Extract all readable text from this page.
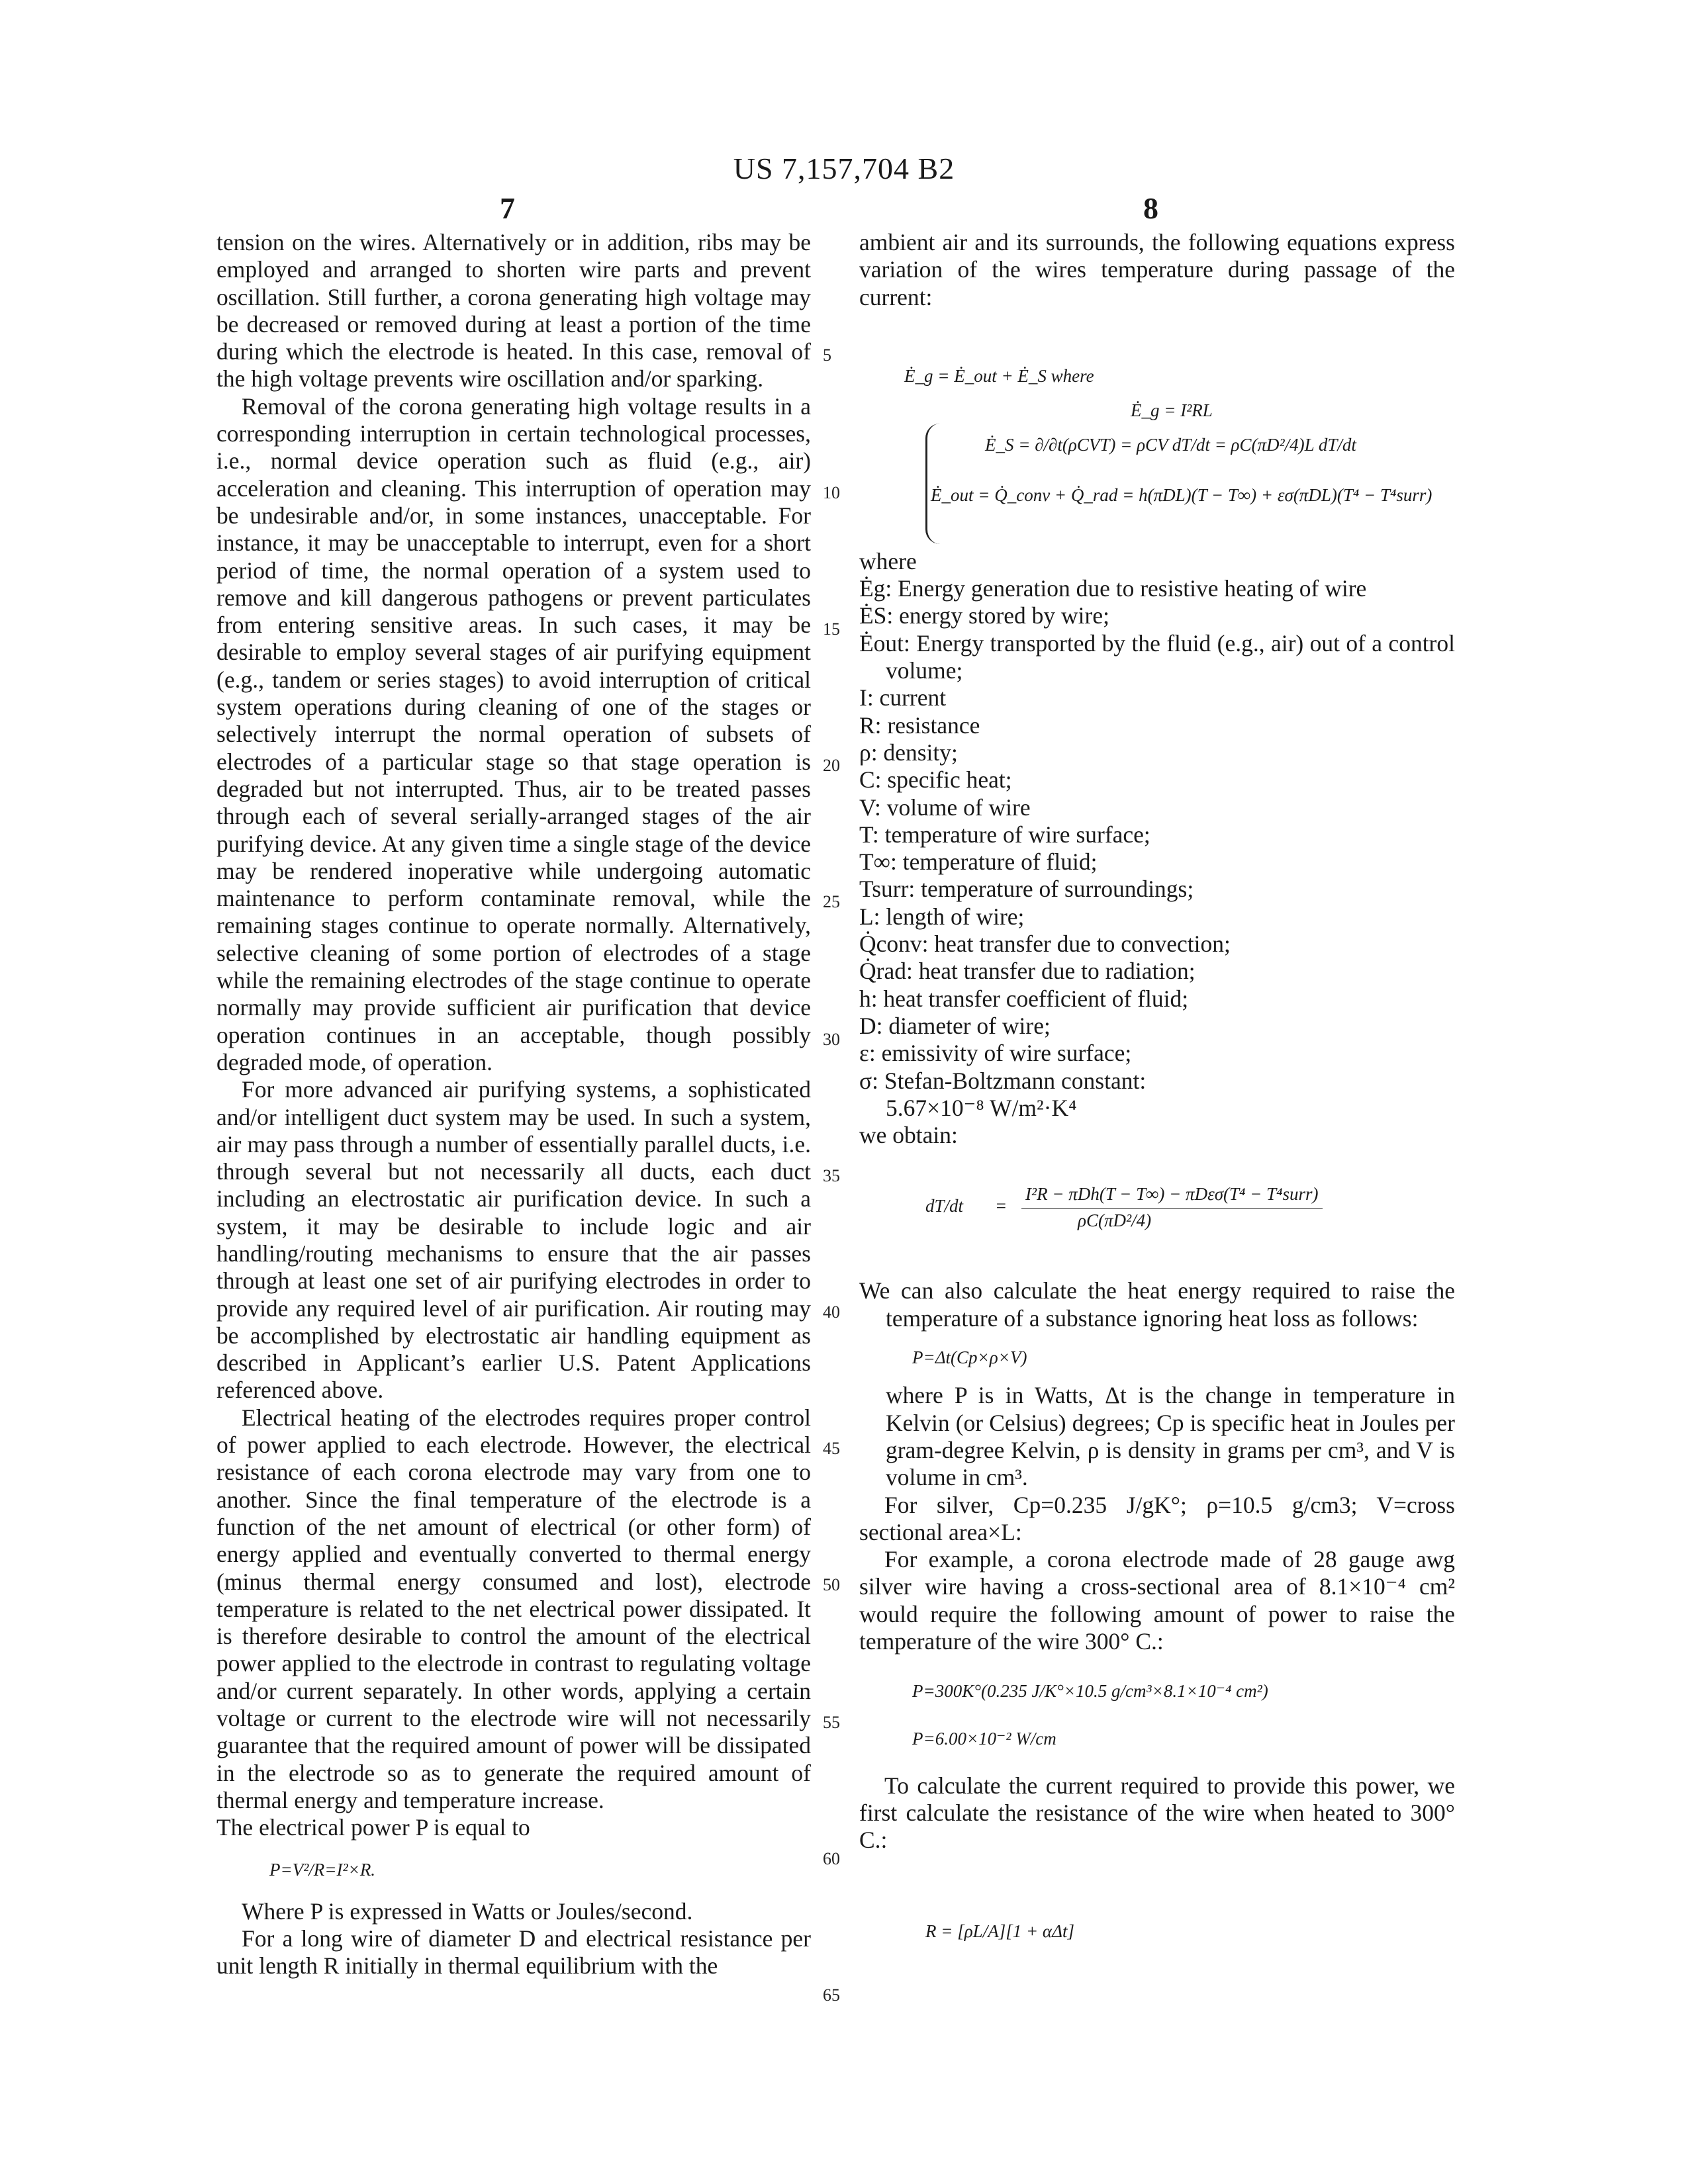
US 7,157,704 B2
7	8

tension on the wires. Alternatively or in addition, ribs may be employed and arranged to shorten wire parts and prevent oscillation. Still further, a corona generating high voltage may be decreased or removed during at least a portion of the time during which the electrode is heated. In this case, removal of the high voltage prevents wire oscillation and/or sparking.

Removal of the corona generating high voltage results in a corresponding interruption in certain technological processes, i.e., normal device operation such as fluid (e.g., air) acceleration and cleaning. This interruption of operation may be undesirable and/or, in some instances, unacceptable. For instance, it may be unacceptable to interrupt, even for a short period of time, the normal operation of a system used to remove and kill dangerous pathogens or prevent particulates from entering sensitive areas. In such cases, it may be desirable to employ several stages of air purifying equipment (e.g., tandem or series stages) to avoid interruption of critical system operations during cleaning of one of the stages or selectively interrupt the normal operation of subsets of electrodes of a particular stage so that stage operation is degraded but not interrupted. Thus, air to be treated passes through each of several serially-arranged stages of the air purifying device. At any given time a single stage of the device may be rendered inoperative while undergoing automatic maintenance to perform contaminate removal, while the remaining stages continue to operate normally. Alternatively, selective cleaning of some portion of electrodes of a stage while the remaining electrodes of the stage continue to operate normally may provide sufficient air purification that device operation continues in an acceptable, though possibly degraded mode, of operation.

For more advanced air purifying systems, a sophisticated and/or intelligent duct system may be used. In such a system, air may pass through a number of essentially parallel ducts, i.e. through several but not necessarily all ducts, each duct including an electrostatic air purification device. In such a system, it may be desirable to include logic and air handling/routing mechanisms to ensure that the air passes through at least one set of air purifying electrodes in order to provide any required level of air purification. Air routing may be accomplished by electrostatic air handling equipment as described in Applicant’s earlier U.S. Patent Applications referenced above.

Electrical heating of the electrodes requires proper control of power applied to each electrode. However, the electrical resistance of each corona electrode may vary from one to another. Since the final temperature of the electrode is a function of the net amount of electrical (or other form) of energy applied and eventually converted to thermal energy (minus thermal energy consumed and lost), electrode temperature is related to the net electrical power dissipated. It is therefore desirable to control the amount of the electrical power applied to the electrode in contrast to regulating voltage and/or current separately. In other words, applying a certain voltage or current to the electrode wire will not necessarily guarantee that the required amount of power will be dissipated in the electrode so as to generate the required amount of thermal energy and temperature increase.

The electrical power P is equal to

P=V²/R=I²×R.

Where P is expressed in Watts or Joules/second.

For a long wire of diameter D and electrical resistance per unit length R initially in thermal equilibrium with the

5
10
15
20
25
30
35
40
45
50
55
60
65

ambient air and its surrounds, the following equations express variation of the wires temperature during passage of the current:

Ė_g = Ė_out + Ė_S where
Ė_g = I²RL
Ė_S = ∂/∂t(ρCVT) = ρCV dT/dt = ρC(πD²/4)L dT/dt
Ė_out = Q̇_conv + Q̇_rad = h(πDL)(T − T∞) + εσ(πDL)(T⁴ − T⁴surr)

where

Ėg: Energy generation due to resistive heating of wire

ĖS: energy stored by wire;

Ėout: Energy transported by the fluid (e.g., air) out of a control volume;

I: current

R: resistance

ρ: density;

C: specific heat;

V: volume of wire

T: temperature of wire surface;

T∞: temperature of fluid;

Tsurr: temperature of surroundings;

L: length of wire;

Q̇conv: heat transfer due to convection;

Q̇rad: heat transfer due to radiation;

h: heat transfer coefficient of fluid;

D: diameter of wire;

ε: emissivity of wire surface;

σ: Stefan-Boltzmann constant:

5.67×10⁻⁸ W/m²·K⁴

we obtain:

dT/dt =
I²R − πDh(T − T∞) − πDεσ(T⁴ − T⁴surr)
ρC(πD²/4)

We can also calculate the heat energy required to raise the temperature of a substance ignoring heat loss as follows:

P=Δt(Cp×ρ×V)

where P is in Watts, Δt is the change in temperature in Kelvin (or Celsius) degrees; Cp is specific heat in Joules per gram-degree Kelvin, ρ is density in grams per cm³, and V is volume in cm³.

For silver, Cp=0.235 J/gK°; ρ=10.5 g/cm3; V=cross sectional area×L:

For example, a corona electrode made of 28 gauge awg silver wire having a cross-sectional area of 8.1×10⁻⁴ cm² would require the following amount of power to raise the temperature of the wire 300° C.:

P=300K°(0.235 J/K°×10.5 g/cm³×8.1×10⁻⁴ cm²)

P=6.00×10⁻² W/cm

To calculate the current required to provide this power, we first calculate the resistance of the wire when heated to 300° C.:

R = [ρL/A][1 + αΔt]
